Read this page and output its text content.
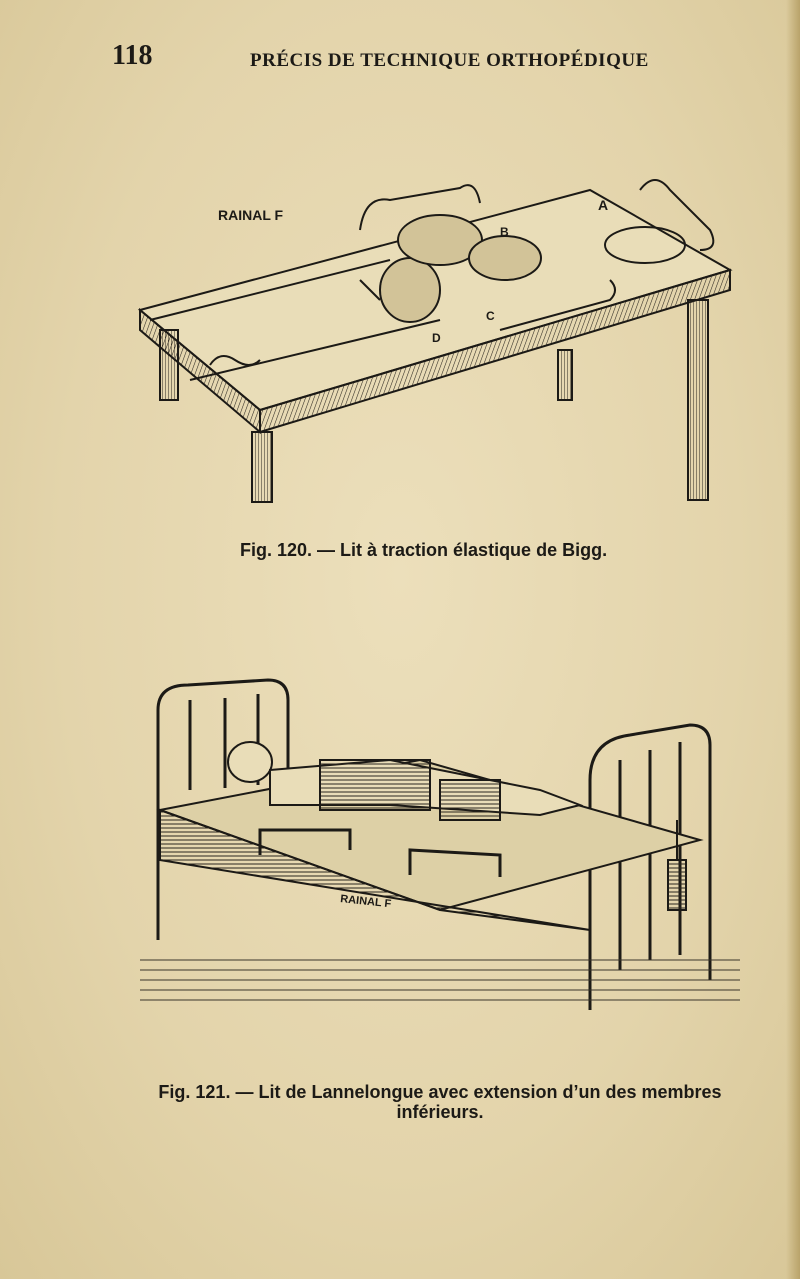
118	PRÉCIS DE TECHNIQUE ORTHOPÉDIQUE
RAINAL F
A
B
C
D
Fig. 120. — Lit à traction élastique de Bigg.
RAINAL F
Fig. 121. — Lit de Lannelongue avec extension d’un des membres
inférieurs.
